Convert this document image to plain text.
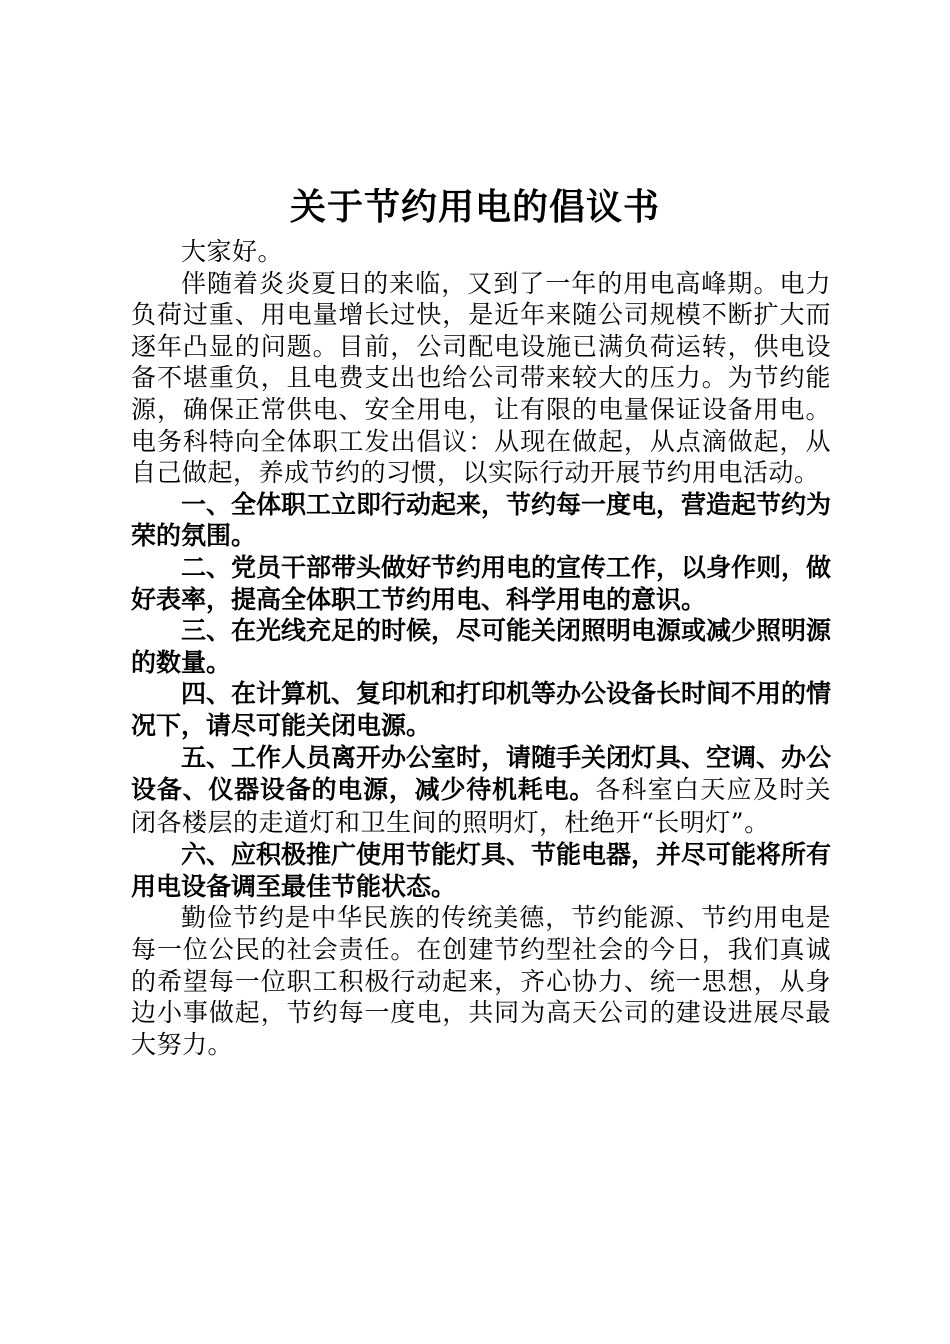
关于节约用电的倡议书

大家好。

伴随着炎炎夏日的来临，又到了一年的用电高峰期。电力负荷过重、用电量增长过快，是近年来随公司规模不断扩大而逐年凸显的问题。目前，公司配电设施已满负荷运转，供电设备不堪重负，且电费支出也给公司带来较大的压力。为节约能源，确保正常供电、安全用电，让有限的电量保证设备用电。电务科特向全体职工发出倡议：从现在做起，从点滴做起，从自己做起，养成节约的习惯，以实际行动开展节约用电活动。

一、全体职工立即行动起来，节约每一度电，营造起节约为荣的氛围。

二、党员干部带头做好节约用电的宣传工作，以身作则，做好表率，提高全体职工节约用电、科学用电的意识。

三、在光线充足的时候，尽可能关闭照明电源或减少照明源的数量。

四、在计算机、复印机和打印机等办公设备长时间不用的情况下，请尽可能关闭电源。

五、工作人员离开办公室时，请随手关闭灯具、空调、办公设备、仪器设备的电源，减少待机耗电。各科室白天应及时关闭各楼层的走道灯和卫生间的照明灯，杜绝开“长明灯”。

六、应积极推广使用节能灯具、节能电器，并尽可能将所有用电设备调至最佳节能状态。

勤俭节约是中华民族的传统美德，节约能源、节约用电是每一位公民的社会责任。在创建节约型社会的今日，我们真诚的希望每一位职工积极行动起来，齐心协力、统一思想，从身边小事做起，节约每一度电，共同为高天公司的建设进展尽最大努力。
